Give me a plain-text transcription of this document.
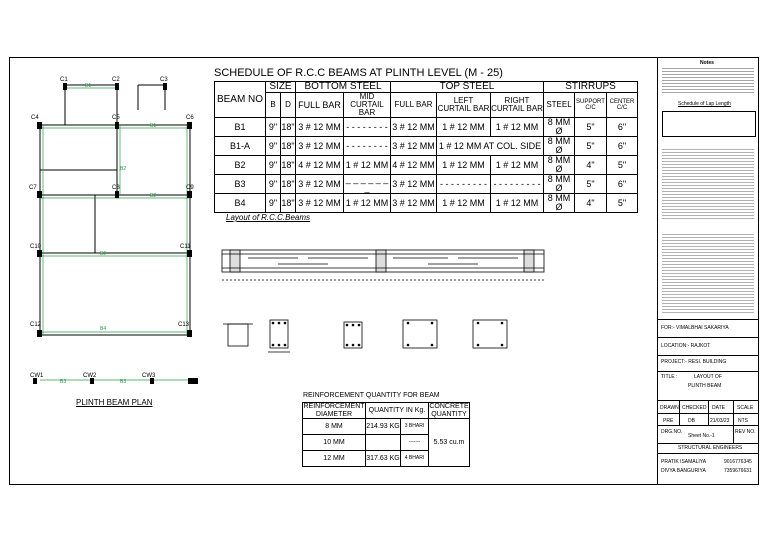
C1	C2	C3
C4	C5	C6
C7	C8	C9
C10	C11
C12	C13
B1
B1
B2
B2
B2
B4
B3	B3
CW1	CW2	CW3
PLINTH BEAM PLAN
SCHEDULE OF R.C.C BEAMS AT PLINTH LEVEL (M - 25)
BEAM NO	SIZE		BOTTOM STEEL		TOP STEEL			STIRRUPS		
	B	D	FULL BAR	MID CURTAIL BAR	FULL BAR	LEFT CURTAIL BAR	RIGHT CURTAIL BAR	STEEL	SUPPORT C/C	CENTER C/C
B1	9"	18"	3 # 12 MM	- - - - - - - -	3 # 12 MM	1 # 12 MM	1 # 12 MM	8 MM Ø	5"	6"
B1-A	9"	18"	3 # 12 MM	- - - - - - - -	3 # 12 MM	1 # 12 MM AT COL. SIDE		8 MM Ø	5"	6"
B2	9"	18"	4 # 12 MM	1 # 12 MM	4 # 12 MM	1 # 12 MM	1 # 12 MM	8 MM Ø	4"	5"
B3	9"	18"	3 # 12 MM	_ _ _ _ _ _ _	3 # 12 MM	- - - - - - - - -	- - - - - - - - -	8 MM Ø	5"	6"
B4	9"	18"	3 # 12 MM	1 # 12 MM	3 # 12 MM	1 # 12 MM	1 # 12 MM	8 MM Ø	4"	5"
Layout of R.C.C.Beams
REINFORCEMENT QUANTITY FOR BEAM
REINFORCEMENT DIAMETER	QUANTITY IN Kg.		CONCRETE QUANTITY
8 MM	214.93 KG	3 BHARI	5.53 cu.m
10 MM		-------	
12 MM	317.63 KG	4 BHARI	
Notes
Schedule of Lap Length
FOR:- VIMALBHAI SAKARIYA
LOCATION:- RAJKOT
PROJECT:- RESI. BUILDING
TITLE :	LAYOUT OF
PLINTH BEAM
DRAWN CHECKED DATE SCALE
PRE	DB	21/03/23 NTS
DRG.NO.
Sheet No.-1
REV NO.
STRUCTURAL ENGINEERS
PRATIK ISAMALIYA	9016776345
DIVYA BANGURIYA	7359676631
